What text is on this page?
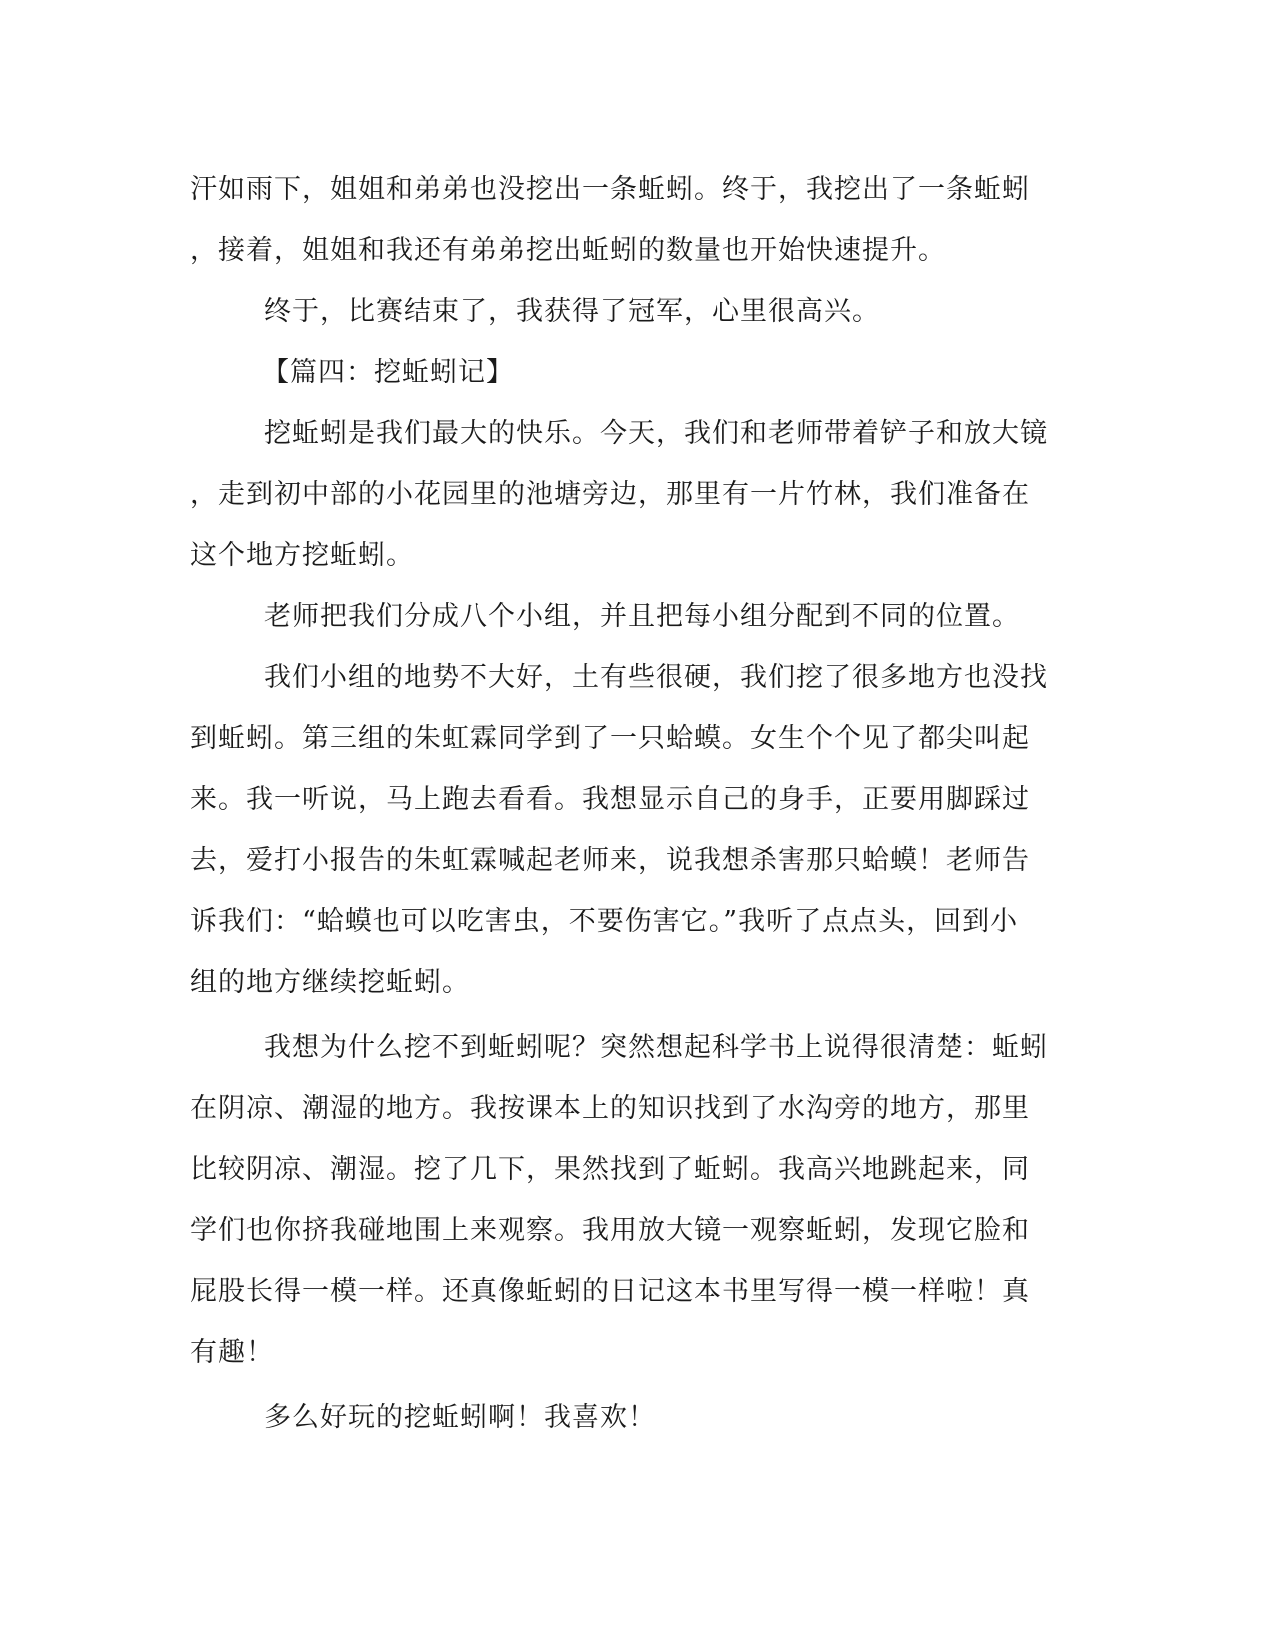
汗如雨下，姐姐和弟弟也没挖出一条蚯蚓。终于，我挖出了一条蚯蚓
，接着，姐姐和我还有弟弟挖出蚯蚓的数量也开始快速提升。
终于，比赛结束了，我获得了冠军，心里很高兴。
【篇四：挖蚯蚓记】
挖蚯蚓是我们最大的快乐。今天，我们和老师带着铲子和放大镜
，走到初中部的小花园里的池塘旁边，那里有一片竹林，我们准备在
这个地方挖蚯蚓。
老师把我们分成八个小组，并且把每小组分配到不同的位置。
我们小组的地势不大好，土有些很硬，我们挖了很多地方也没找
到蚯蚓。第三组的朱虹霖同学到了一只蛤蟆。女生个个见了都尖叫起
来。我一听说，马上跑去看看。我想显示自己的身手，正要用脚踩过
去，爱打小报告的朱虹霖喊起老师来，说我想杀害那只蛤蟆！老师告
诉我们：“蛤蟆也可以吃害虫，不要伤害它。”我听了点点头，回到小
组的地方继续挖蚯蚓。
我想为什么挖不到蚯蚓呢？突然想起科学书上说得很清楚：蚯蚓
在阴凉、潮湿的地方。我按课本上的知识找到了水沟旁的地方，那里
比较阴凉、潮湿。挖了几下，果然找到了蚯蚓。我高兴地跳起来，同
学们也你挤我碰地围上来观察。我用放大镜一观察蚯蚓，发现它脸和
屁股长得一模一样。还真像蚯蚓的日记这本书里写得一模一样啦！真
有趣！
多么好玩的挖蚯蚓啊！我喜欢！
